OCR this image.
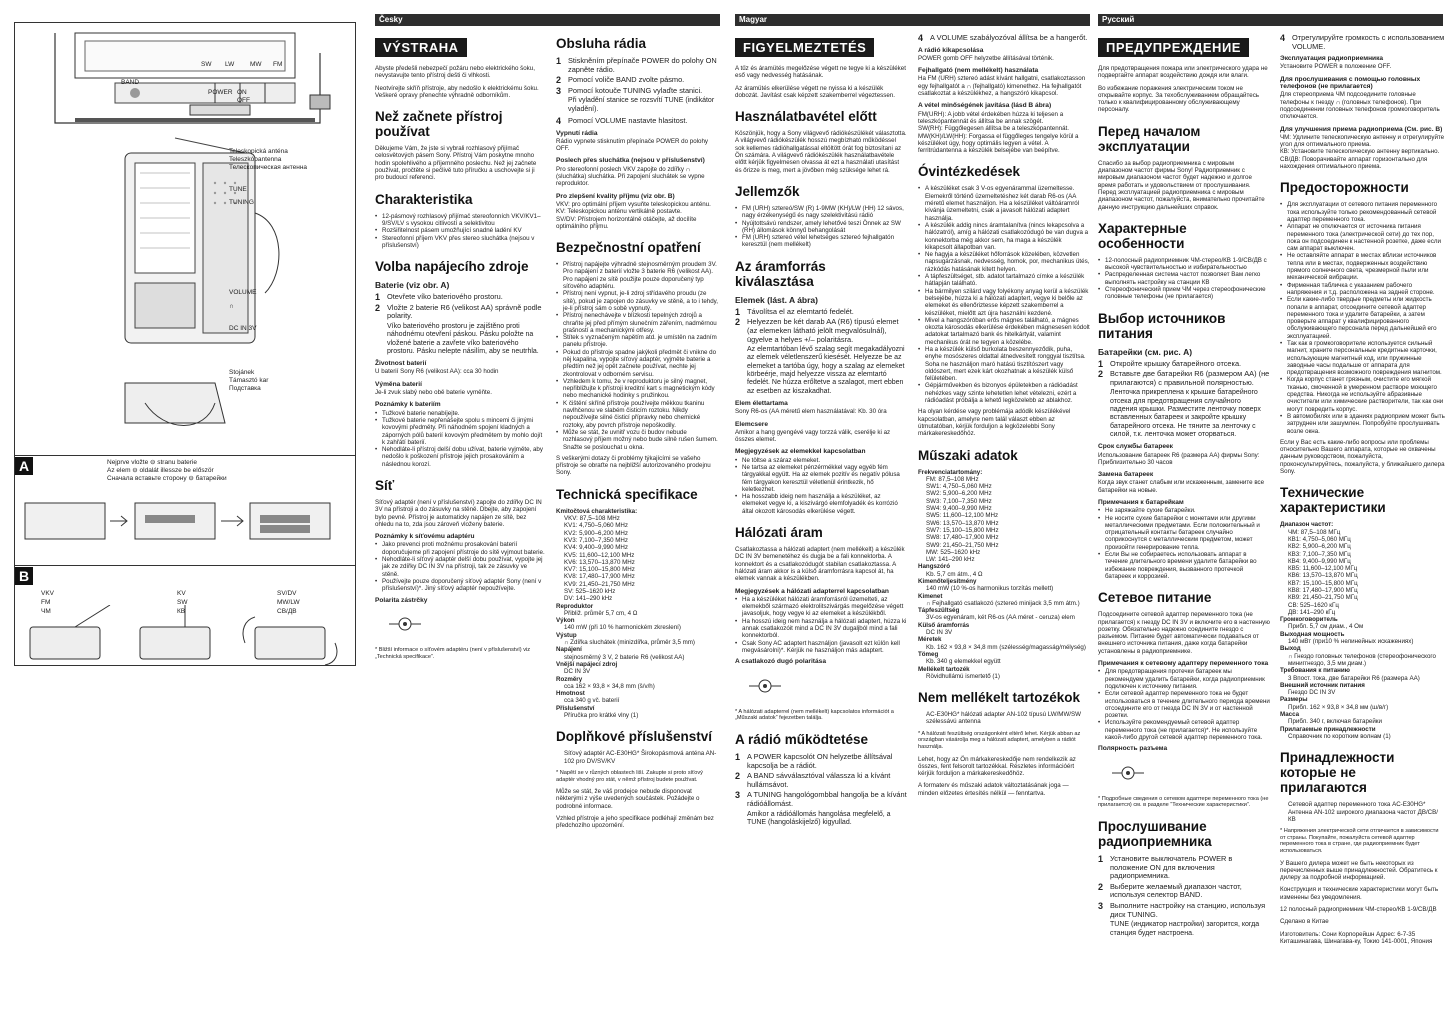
SW LW MW FM
BAND
POWER ON
OFF
Teleskopická anténa
Teleszkópantenna
Телескопическая антенна
TUNE
TUNING
VOLUME
∩
DC IN 3V
Stojánek
Támasztó kar
Подставка
A	Nejprve vložte ⊖ stranu baterie
Az elem ⊖ oldalát illessze be először
Сначала вставьте сторону ⊖ батарейки
B
VKV
FM
ЧМ
KV
SW
КВ
SV/DV
MW/LW
СВ/ДВ
Česky
VÝSTRAHA

Abyste předešli nebezpečí požáru nebo elektrického šoku, nevystavujte tento přístroj dešti či vlhkosti.

Neotvírejte skříň přístroje, aby nedošlo k elektrickému šoku. Veškeré opravy přenechte výhradně odborníkům.

Než začnete přístroj používat

Děkujeme Vám, že jste si vybrali rozhlasový přijímač celosvětových pásem Sony. Přístroj Vám poskytne mnoho hodin spolehlivého a příjemného poslechu. Než jej začnete používat, pročtěte si pečlivě tuto příručku a uschovejte si ji pro budoucí referenci.

Charakteristika
• 12-pásmový rozhlasový přijímač stereofonních VKV/KV1–9/SV/LV s vysokou citlivostí a selektivitou
• Rozšiřitelnost pásem umožňující snadné ladění KV
• Stereofonní příjem VKV přes stereo sluchátka (nejsou v příslušenství)
Volba napájecího zdroje
Baterie (viz obr. A)
1 Otevřete víko bateriového prostoru.
2 Vložte 2 baterie R6 (velikost AA) správně podle polarity.

Víko bateriového prostoru je zajištěno proti náhodnému otevření páskou. Pásku položte na vložené baterie a zavřete víko bateriového prostoru. Pásku nelepte násilím, aby se neutrhla.

Životnost baterií

U baterií Sony R6 (velikost AA): cca 30 hodin

Výměna baterií

Je-li zvuk slabý nebo obě baterie vyměňte.

Poznámky k bateriím
• Tužkové baterie nenabíjejte.
• Tužkové baterie nepřenášejte spolu s mincemi či jinými kovovými předměty. Při náhodném spojení kladných a záporných pólů baterií kovovým předmětem by mohlo dojít k zahřátí baterií.
• Nehodláte-li přístroj delší dobu užívat, baterie vyjměte, aby nedošlo k poškození přístroje jejich prosakováním a následnou korozí.
Síť

Síťový adaptér (není v příslušenství) zapojte do zdířky DC IN 3V na přístroji a do zásuvky na stěně. Dbejte, aby zapojení bylo pevné. Přístroj je automaticky napájen ze sítě, bez ohledu na to, zda jsou zároveň vloženy baterie.

Poznámky k síťovému adaptéru
• Jako prevenci proti možnému prosakování baterií doporučujeme při zapojení přístroje do sítě vyjmout baterie.
• Nehodláte-li síťový adaptér delší dobu používat, vypojte jej jak ze zdířky DC IN 3V na přístroji, tak ze zásuvky ve stěně.
• Používejte pouze doporučený síťový adaptér Sony (není v příslušenství)*. Jiný síťový adaptér nepoužívejte.
Polarita zástrčky

* Bližší informace o síťovém adaptéru (není v příslušenství) viz „Technická specifikace“.

Obsluha rádia
1 Stiskněním přepínače POWER do polohy ON zapněte rádio.
2 Pomocí voliče BAND zvolte pásmo.
3 Pomocí kotouče TUNING vylaďte stanici.

Při vyladění stanice se rozsvítí TUNE (indikátor vyladění).

4 Pomocí VOLUME nastavte hlasitost.
Vypnutí rádia

Rádio vypnete stisknutím přepínače POWER do polohy OFF.

Poslech přes sluchátka (nejsou v příslušenství)

Pro stereofonní poslech VKV zapojte do zdířky ∩ (sluchátka) sluchátka. Při zapojení sluchátek se vypne reproduktor.

Pro zlepšení kvality příjmu (viz obr. B)

VKV: pro optimální příjem vysuňte teleskopickou anténu.

KV: Teleskopickou anténu vertikálně postavte.

SV/DV: Přístrojem horizontálně otáčejte, až docílíte optimálního příjmu.

Bezpečnostní opatření
• Přístroj napájejte výhradně stejnosměrným proudem 3V. Pro napájení z baterií vložte 3 baterie R6 (velikost AA). Pro napájení ze sítě použijte pouze doporučený typ síťového adaptéru.
• Přístroj není vypnut, je-li zdroj střídavého proudu (ze sítě), pokud je zapojen do zásuvky ve stěně, a to i tehdy, je-li přístroj sám o sobě vypnutý.
• Přístroj nenechávejte v blízkosti tepelných zdrojů a chraňte jej před přímým slunečním zářením, nadměrnou prašností a mechanickými otřesy.
• Štítek s vyznačeným napětím atd. je umístěn na zadním panelu přístroje.
• Pokud do přístroje spadne jakýkoli předmět či vnikne do něj kapalina, vypojte síťový adaptér, vyjměte baterie a předtím než jej opět začnete používat, nechte jej zkontrolovat v odborném servisu.
• Vzhledem k tomu, že v reproduktoru je silný magnet, nepřibližujte k přístroji kreditní kart s magnetickým kódy nebo mechanické hodinky s pružinkou.
• K čištění skříně přístroje používejte měkkou tkaninu navlhčenou ve slabém čisticím roztoku. Nikdy nepoužívejte silné čisticí přípravky nebo chemické roztoky, aby povrch přístroje nepoškodily.
• Může se stát, že uvnitř vozu či budov nebude rozhlasový příjem možný nebo bude silně rušen šumem. Snažte se poslouchat u okna.

S veškerými dotazy či problémy týkajícími se vašeho přístroje se obraťte na nejbližší autorizovaného prodejnu Sony.

Technická specifikace
Kmitočtová charakteristika:
VKV: 87,5–108 MHz
KV1: 4,750–5,060 MHz
KV2: 5,900–6,200 MHz
KV3: 7,100–7,350 MHz
KV4: 9,400–9,990 MHz
KV5: 11,600–12,100 MHz
KV6: 13,570–13,870 MHz
KV7: 15,100–15,800 MHz
KV8: 17,480–17,900 MHz
KV9: 21,450–21,750 MHz
SV: 525–1620 kHz
DV: 141–290 kHz
Reproduktor
Přibliž. průměr 5,7 cm, 4 Ω
Výkon
140 mW (při 10 % harmonickém zkreslení)
Výstup
∩ Zdířka sluchátek (minizdířka, průměr 3,5 mm)
Napájení
stejnosměrný 3 V, 2 baterie R6 (velikost AA)
Vnější napájecí zdroj
DC IN 3V
Rozměry
cca 162 × 93,8 × 34,8 mm (š/v/h)
Hmotnost
cca 340 g vč. baterií
Příslušenství
Příručka pro krátké vlny (1)
Doplňkové příslušenství

Síťový adaptér AC-E30HG* Širokopásmová anténa AN-102 pro DV/SV/KV

* Napětí se v různých oblastech liší. Zakupte si proto síťový adaptér vhodný pro stát, v němž přístroj budete používat.

Může se stát, že váš prodejce nebude disponovat některými z výše uvedených součástek. Požádejte o podrobné informace.

Vzhled přístroje a jeho specifikace podléhají změnám bez předchozího upozornění.

Magyar
FIGYELMEZTETÉS

A tűz és áramütés megelőzése végett ne tegye ki a készüléket eső vagy nedvesség hatásának.

Az áramütés elkerülése végett ne nyissa ki a készülék dobozát. Javítást csak képzett szakemberrel végeztessen.

Használatbavétel előtt

Köszönjük, hogy a Sony világvevő rádiókészülékét választotta. A világvevő rádiókészülék hosszú megbízható működéssel sok kellemes rádióhallgatással eltöltött órát fog biztosítani az Ön számára. A világvevő rádiókészülék használatbavétele előtt kérjük figyelmesen olvassa át ezt a használati utasítást és őrizze is meg, mert a jövőben még szüksége lehet rá.

Jellemzők
• FM (URH) sztereó/SW (R) 1-9MW (KH)/LW (HH) 12 sávos, nagy érzékenységű és nagy szelektivitású rádió
• Nyújtottsávú rendszer, amely lehetővé teszi Önnek az SW (RH) állomások könnyű behangolását
• FM (URH) sztereó vétel lehetséges sztereó fejhallgatón keresztül (nem mellékelt)
Az áramforrás kiválasztása
Elemek (lást. A ábra)
1 Távolítsa el az elemtartó fedelét.
2 Helyezzen be két darab AA (R6) típusú elemet (az elemeken látható jelölt megvalósulnál), ügyelve a helyes +/– polaritásra.

Az elemtartóban lévő szalag segít megakadályozni az elemek véletlenszerű kiesését. Helyezze be az elemeket a tartóba úgy, hogy a szalag az elemeket körbeérje, majd helyezze vissza az elemtartó fedelét. Ne húzza erőltetve a szalagot, mert ebben az esetben az kiszakadhat.

Elem élettartama

Sony R6-os (AA méretű elem használatával: Kb. 30 óra

Elemcsere

Amikor a hang gyengévé vagy torzzá válik, cserélje ki az összes elemet.

Megjegyzések az elemekkel kapcsolatban
• Ne töltse a száraz elemeket.
• Ne tartsa az elemeket pénzérmékkel vagy egyéb fém tárgyakkal együtt. Ha az elemek pozitív és negatív pólusa fém tárgyakon keresztül véletlenül érintkezik, hő keletkezhet.
• Ha hosszabb ideig nem használja a készüléket, az elemeket vegye ki, a kiszivárgó elemfolyadék és korrózió által okozott károsodás elkerülése végett.
Hálózati áram

Csatlakoztassa a hálózati adaptert (nem mellékelt) a készülék DC IN 3V bemenetéhez és dugja be a fali konnektorba. A konnektort és a csatlakozódugót stabilan csatlakoztassa. A hálózati áram akkor is a külső áramforrásra kapcsol át, ha elemek vannak a készülékben.

Megjegyzések a hálózati adapterrel kapcsolatban
• Ha a készüléket hálózati áramforrásról üzemelteti, az elemekből származó elektrolitszivárgás megelőzése végett javasoljuk, hogy vegye ki az elemeket a készülékből.
• Ha hosszú ideig nem használja a hálózati adaptert, húzza ki annak csatlakozóit mind a DC IN 3V dugaljból mind a fali konnektorból.
• Csak Sony AC adaptert használjon (javasolt ezt külön kell megvásárolni)*. Kérjük ne használjon más adaptert.
A csatlakozó dugó polaritása

* A hálózati adapterrel (nem mellékelt) kapcsolatos információt a „Műszaki adatok“ fejezetben találja.

A rádió működtetése
1 A POWER kapcsolót ON helyzetbe állítsával kapcsolja be a rádiót.
2 A BAND sávválasztóval válassza ki a kívánt hullámsávot.
3 A TUNING hangológombbal hangolja be a kívánt rádióállomást.

Amikor a rádióállomás hangolása megfelelő, a TUNE (hangoláskijelző) kigyullad.

4 A VOLUME szabályozóval állítsa be a hangerőt.
A rádió kikapcsolása

POWER gomb OFF helyzetbe állításával történik.

Fejhallgató (nem mellékelt) használata

Ha FM (URH) sztereó adást kívánt hallgatni, csatlakoztasson egy fejhallgatót a ∩ (fejhallgató) kimenethez. Ha fejhallgatót csatlakoztat a készülékhez, a hangszóró kikapcsol.

A vétel minőségének javítása (lásd B ábra)

FM(URH): A jobb vétel érdekében húzza ki teljesen a teleszkópantennát és állítsa be annak szögét.

SW(RH): Függőlegesen állítsa be a teleszkópantennát.

MW(KH)/LW(HH): Forgassa el függőleges tengelye körül a készüléket úgy, hogy optimális legyen a vétel. A ferritrúdantenna a készülék belsejébe van beépítve.

Óvintézkedések
• A készüléket csak 3 V-os egyenárammal üzemeltesse. Elemekről történő üzemeltetéshez két darab R6-os (AA méretű elemet használjon. Ha a készüléket váltóáramról kívánja üzemeltetni, csak a javasolt hálózati adaptert használja.
• A készülék addig nincs áramtalanítva (nincs lekapcsolva a hálózatról), amíg a hálózati csatlakozódugó be van dugva a konnektorba még akkor sem, ha maga a készülék kikapcsolt állapotban van.
• Ne hagyja a készüléket hőforrások közelében, közvetlen napsugárzásnak, nedvesség, homok, por, mechanikus ütés, rázkódás hatásának kitett helyen.
• A tápfeszültséget, stb. adatot tartalmazó címke a készülék hátlapján található.
• Ha bármilyen szilárd vagy folyékony anyag kerül a készülék belsejébe, húzza ki a hálózati adaptert, vegye ki belőle az elemeket és ellenőriztesse képzett szakemberrel a készüléket, mielőtt azt újra használni kezdené.
• Mivel a hangszóróban erős mágnes található, a mágnes okozta károsodás elkerülése érdekében mágnesesen kódolt adatokat tartalmazó bank és hitelkártyát, valamint mechanikus órát ne tegyen a közelébe.
• Ha a készülék külső burkolata beszennyeződik, puha, enyhe mosószeres oldattal átnedvesített ronggyal tisztítsa. Soha ne használjon maró hatású tisztítószert vagy oldószert, mert ezek kárt okozhatnak a készülék külső felületében.
• Gépjárművekben és bizonyos épületekben a rádióadást nehézkes vagy szinte lehetetlen lehet vételezni, ezért a rádióadást próbálja a lehető legközelebb az ablakhoz.

Ha olyan kérdése vagy problémája adódik készülékével kapcsolatban, amelyre nem talál választ ebben az útmutatóban, kérjük forduljon a legközelebbi Sony márkakereskedőhöz.

Műszaki adatok
Frekvenciatartomány:
FM: 87,5–108 MHz
SW1: 4,750–5,060 MHz
SW2: 5,900–6,200 MHz
SW3: 7,100–7,350 MHz
SW4: 9,400–9,990 MHz
SW5: 11,600–12,100 MHz
SW6: 13,570–13,870 MHz
SW7: 15,100–15,800 MHz
SW8: 17,480–17,900 MHz
SW9: 21,450–21,750 MHz
MW: 525–1620 kHz
LW: 141–290 kHz
Hangszóró
Kb. 5,7 cm átm., 4 Ω
Kimenőteljesítmény
140 mW (10 %-os harmonikus torzítás mellett)
Kimenet
∩ Fejhallgató csatlakozó (sztereó minijack 3,5 mm átm.)
Tápfeszültség
3V-os egyenáram, két R6-os (AA méret - ceruza) elem
Külső áramforrás
DC IN 3V
Méretek
Kb. 162 × 93,8 × 34,8 mm (szélesség/magasság/mélység)
Tömeg
Kb. 340 g elemekkel együtt
Mellékelt tartozék
Rövidhullámú ismertető (1)
Nem mellékelt tartozékok

AC-E30HG* hálózati adapter AN-102 típusú LW/MW/SW szélessávú antenna

* A hálózati feszültség országonként eltérő lehet. Kérjük abban az országban vásárolja meg a hálózati adaptert, amelyben a rádiót használja.

Lehet, hogy az Ön márkakereskedője nem rendelkezik az összes, fent felsorolt tartozékkal. Részletes információért kérjük forduljon a márkakereskedőhöz.

A formaterv és műszaki adatok változtatásának joga — minden előzetes értesítés nélkül — fenntartva.

Русский
ПРЕДУПРЕЖДЕНИЕ

Для предотвращения пожара или электрического удара не подвергайте аппарат воздействию дождя или влаги.

Во избежание поражения электрическим током не открывайте корпус. За техобслуживанием обращайтесь только к квалифицированному обслуживающему персоналу.

Перед началом эксплуатации

Спасибо за выбор радиоприемника с мировым диапазоном частот фирмы Sony! Радиоприемник с мировым диапазоном частот будет надежно и долгое время работать и удовольствием от прослушивания. Перед эксплуатацией радиоприемника с мировым диапазоном частот, пожалуйста, внимательно прочитайте данную инструкцию дальнейших справок.

Характерные особенности
• 12-полосный радиоприемник ЧМ-стерео/КВ 1-9/СВ/ДВ с высокой чувствительностью и избирательностью
• Распределенная система частот позволяет Вам легко выполнять настройку на станции КВ
• Стереофонический прием ЧМ через стереофонические головные телефоны (не прилагается)
Выбор источников питания
Батарейки (см. рис. A)
1 Откройте крышку батарейного отсека.
2 Вставьте две батарейки R6 (размером AA) (не прилагаются) с правильной полярностью.

Ленточка прикреплена к крышке батарейного отсека для предотвращения случайного падения крышки. Разместите ленточку поверх вставленных батареек и закройте крышку батарейного отсека. Не тяните за ленточку с силой, т.к. ленточка может оторваться.

Срок службы батареек

Использование батареек R6 (размера AA) фирмы Sony: Приблизительно 30 часов

Замена батареек

Когда звук станет слабым или искаженным, замените все батарейки на новые.

Примечания к батарейкам
• Не заряжайте сухие батарейки.
• Не носите сухие батарейки с монетами или другими металлическими предметами. Если положительный и отрицательный контакты батареек случайно соприкоснутся с металлическим предметом, может произойти генерирование тепла.
• Если Вы не собираетесь использовать аппарат в течение длительного времени удалите батарейки во избежание повреждения, вызванного протечкой батареек и коррозией.
Сетевое питание

Подсоедините сетевой адаптер переменного тока (не прилагается) к гнезду DC IN 3V и включите его в настенную розетку. Обязательно надежно соедините гнездо с разъемом. Питание будет автоматически подаваться от внешнего источника питания, даже когда батарейки установлены в радиоприемнике.

Примечания к сетевому адаптеру переменного тока
• Для предотвращения протечки батареек мы рекомендуем удалить батарейки, когда радиоприемник подключен к источнику питания.
• Если сетевой адаптер переменного тока не будет использоваться в течение длительного периода времени отсоедините его от гнезда DC IN 3V и от настенной розетки.
• Используйте рекомендуемый сетевой адаптер переменного тока (не прилагается)*. Не используйте какой-либо другой сетевой адаптер переменного тока.
Полярность разъема

* Подробные сведения о сетевом адаптере переменного тока (не прилагается) см. в разделе “Технические характеристики”.

Прослушивание радиоприемника
1 Установите выключатель POWER в положение ON для включения радиоприемника.
2 Выберите желаемый диапазон частот, используя селектор BAND.
3 Выполните настройку на станцию, используя диск TUNING.

TUNE (индикатор настройки) загорится, когда станция будет настроена.

4 Отрегулируйте громкость с использованием VOLUME.
Эксплуатация радиоприемника

Установите POWER в положение OFF.

Для прослушивания с помощью головных телефонов (не прилагается)

Для стереоприема ЧМ подсоедините головные телефоны к гнезду ∩ (головных телефонов). При подсоединении головных телефонов громкоговоритель отключается.

Для улучшения приема радиоприема (См. рис. B)

ЧМ: Удлините телескопическую антенну и отрегулируйте угол для оптимального приема.

КВ: Установите телескопическую антенну вертикально.

СВ/ДВ: Поворачивайте аппарат горизонтально для нахождения оптимального приема.

Предосторожности
• Для эксплуатации от сетевого питания переменного тока используйте только рекомендованный сетевой адаптер переменного тока.
• Аппарат не отключается от источника питания переменного тока (электрической сети) до тех пор, пока он подсоединен к настенной розетке, даже если сам аппарат выключен.
• Не оставляйте аппарат в местах вблизи источников тепла или в местах, подверженных воздействию прямого солнечного света, чрезмерной пыли или механической вибрации.
• Фирменная табличка с указанием рабочего напряжения и т.д. расположена на задней стороне.
• Если какие-либо твердые предметы или жидкость попали в аппарат, отсоедините сетевой адаптер переменного тока и удалите батарейки, а затем проверьте аппарат у квалифицированного обслуживающего персонала перед дальнейшей его эксплуатацией.
• Так как в громкоговорителе используется сильный магнит, храните персональные кредитные карточки, использующие магнитный код, или пружинные заводные часы подальше от аппарата для предотвращения возможного повреждения магнитом.
• Когда корпус станет грязным, очистите его мягкой тканью, смоченной в умеренном растворе моющего средства. Никогда не используйте абразивные очистители или химические растворители, так как они могут повредить корпус.
• В автомобилях или в зданиях радиоприем может быть затруднен или зашумлен. Попробуйте прослушивать возле окна.

Если у Вас есть какие-либо вопросы или проблемы относительно Вашего аппарата, которые не охвачены данным руководством, пожалуйста, проконсультируйтесь, пожалуйста, у ближайшего дилера Sony.

Технические характеристики
Диапазон частот:
ЧМ: 87,5–108 МГц
КВ1: 4,750–5,060 МГц
КВ2: 5,900–6,200 МГц
КВ3: 7,100–7,350 МГц
КВ4: 9,400–9,990 МГц
КВ5: 11,600–12,100 МГц
КВ6: 13,570–13,870 МГц
КВ7: 15,100–15,800 МГц
КВ8: 17,480–17,900 МГц
КВ9: 21,450–21,750 МГц
СВ: 525–1620 кГц
ДВ: 141–290 кГц
Громкоговоритель
Прибл. 5,7 см диам., 4 Ом
Выходная мощность
140 мВт (при10 % нелинейных искажениях)
Выход
∩ Гнездо головных телефонов (стереофонического миниггнездо, 3,5 мм диам.)
Требования к питанию
3 Впост. тока, две батарейки R6 (размера AA)
Внешний источник питания
Гнездо DC IN 3V
Размеры
Прибл. 162 × 93,8 × 34,8 мм (ш/в/г)
Масса
Прибл. 340 г, включая батарейки
Прилагаемые принадлежности
Справочник по коротким волнам (1)
Принадлежности которые не прилагаются

Сетевой адаптер переменного тока AC-E30HG* Антенна AN-102 широкого диапазона частот ДВ/СВ/КВ

* Напряжения электрической сети отличается в зависимости от страны. Покупайте, пожалуйста сетевой адаптер переменного тока в стране, где радиоприемник будет использоваться.

У Вашего дилера может не быть некоторых из перечисленных выше принадлежностей. Обратитесь к дилеру за подробной информацией.

Конструкция и технические характеристики могут быть изменены без уведомления.

12 полосный радиоприемник ЧМ-стерео/КВ 1-9/СВ/ДВ

Сделано в Китае

Изготовитель: Сони Корпорейшн Адрес: 6-7-35 Киташинагава, Шинагава-ку, Токио 141-0001, Япония
